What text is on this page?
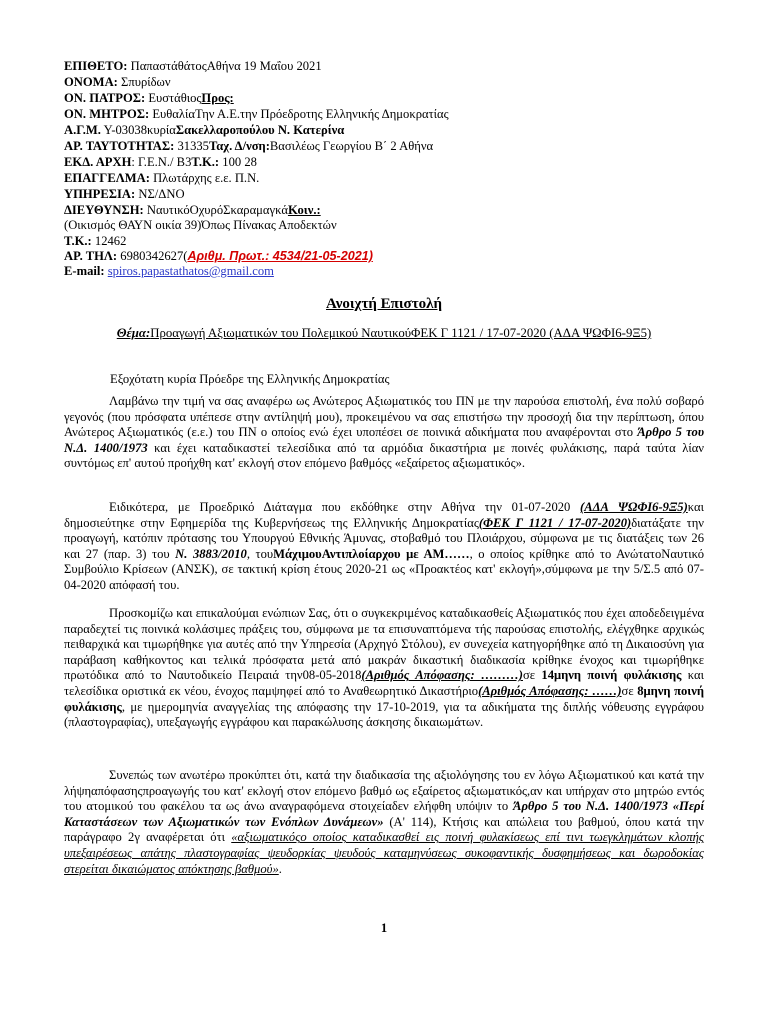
ΕΠΙΘΕΤΟ: ΠαπαστάθάτοςΑθήνα 19 Μαΐου 2021
ΟΝΟΜΑ: Σπυρίδων
ΟΝ. ΠΑΤΡΟΣ: ΕυστάθιοςΠρος:
ΟΝ. ΜΗΤΡΟΣ: ΕυθαλίαΤην Α.Ε.την Πρόεδροτης Ελληνικής Δημοκρατίας
Α.Γ.Μ. Υ-03038κυρίαΣακελλαροπούλου Ν. Κατερίνα
ΑΡ. ΤΑΥΤΟΤΗΤΑΣ: 31335Ταχ. Δ/νση:Βασιλέως Γεωργίου Β΄ 2 Αθήνα
ΕΚΔ. ΑΡΧΗ: Γ.Ε.Ν./ Β3Τ.Κ.: 100 28
ΕΠΑΓΓΕΛΜΑ: Πλωτάρχης ε.ε. Π.Ν.
ΥΠΗΡΕΣΙΑ: ΝΣ/ΔΝΟ
ΔΙΕΥΘΥΝΣΗ: ΝαυτικόΟχυρόΣκαραμαγκάΚοιν.:
(Οικισμός ΘΑΥΝ οικία 39)Όπως Πίνακας Αποδεκτών
Τ.Κ.: 12462
ΑΡ. ΤΗΛ: 6980342627(Αριθμ. Πρωτ.: 4534/21-05-2021)
E-mail: spiros.papastathatos@gmail.com
Ανοιχτή Επιστολή
Θέμα:Προαγωγή Αξιωματικών του Πολεμικού ΝαυτικούΦΕΚ Γ 1121 / 17-07-2020 (ΑΔΑ ΨΩΦΙ6-9Ξ5)
Εξοχότατη κυρία Πρόεδρε της Ελληνικής Δημοκρατίας
Λαμβάνω την τιμή να σας αναφέρω ως Ανώτερος Αξιωματικός του ΠΝ με την παρούσα επιστολή, ένα πολύ σοβαρό γεγονός (που πρόσφατα υπέπεσε στην αντίληψή μου), προκειμένου να σας επιστήσω την προσοχή δια την περίπτωση, όπου Ανώτερος Αξιωματικός (ε.ε.) του ΠΝ ο οποίος ενώ έχει υποπέσει σε ποινικά αδικήματα που αναφέρονται στο Άρθρο 5 του Ν.Δ. 1400/1973 και έχει καταδικαστεί τελεσίδικα από τα αρμόδια δικαστήρια με ποινές φυλάκισης, παρά ταύτα λίαν συντόμως επ' αυτού προήχθη κατ' εκλογή στον επόμενο βαθμόςς «εξαίρετος αξιωματικός».
Ειδικότερα, με Προεδρικό Διάταγμα που εκδόθηκε στην Αθήνα την 01-07-2020 (ΑΔΑ ΨΩΦΙ6-9Ξ5)και δημοσιεύτηκε στην Εφημερίδα της Κυβερνήσεως της Ελληνικής Δημοκρατίας(ΦΕΚ Γ 1121 / 17-07-2020)διατάξατε την προαγωγή, κατόπιν πρότασης του Υπουργού Εθνικής Άμυνας, στοβαθμό του Πλοιάρχου, σύμφωνα με τις διατάξεις των 26 και 27 (παρ. 3) του Ν. 3883/2010, τουΜάχιμουΑντιπλοίαρχου με ΑΜ……, ο οποίος κρίθηκε από το ΑνώτατοΝαυτικό Συμβούλιο Κρίσεων (ΑΝΣΚ), σε τακτική κρίση έτους 2020-21 ως «Προακτέος κατ' εκλογή»,σύμφωνα με την 5/Σ.5 από 07-04-2020 απόφασή του.
Προσκομίζω και επικαλούμαι ενώπιων Σας, ότι ο συγκεκριμένος καταδικασθείς Αξιωματικός που έχει αποδεδειγμένα παραδεχτεί τις ποινικά κολάσιμες πράξεις του, σύμφωνα με τα επισυναπτόμενα τής παρούσας επιστολής, ελέγχθηκε αρχικώς πειθαρχικά και τιμωρήθηκε για αυτές από την Υπηρεσία (Αρχηγό Στόλου), εν συνεχεία κατηγορήθηκε από τη Δικαιοσύνη για παράβαση καθήκοντος και τελικά πρόσφατα μετά από μακράν δικαστική διαδικασία κρίθηκε ένοχος και τιμωρήθηκε πρωτόδικα από το Ναυτοδικείο Πειραιά την08-05-2018(Αριθμός Απόφασης: ………)σε 14μηνη ποινή φυλάκισης και τελεσίδικα οριστικά εκ νέου, ένοχος παμψηφεί από το Αναθεωρητικό Δικαστήριο(Αριθμός Απόφασης: ……)σε 8μηνη ποινή φυλάκισης, με ημερομηνία αναγγελίας της απόφασης την 17-10-2019, για τα αδικήματα της διπλής νόθευσης εγγράφου (πλαστογραφίας), υπεξαγωγής εγγράφου και παρακώλυσης άσκησης δικαιωμάτων.
Συνεπώς των ανωτέρω προκύπτει ότι, κατά την διαδικασία της αξιολόγησης του εν λόγω Αξιωματικού και κατά την λήψηαπόφασηςπροαγωγής του κατ' εκλογή στον επόμενο βαθμό ως εξαίρετος αξιωματικός,αν και υπήρχαν στο μητρώο εντός του ατομικού του φακέλου τα ως άνω αναγραφόμενα στοιχείαδεν ελήφθη υπόψιν το Άρθρο 5 του Ν.Δ. 1400/1973 «Περί Καταστάσεων των Αξιωματικών των Ενόπλων Δυνάμεων» (Α' 114), Κτήσις και απώλεια του βαθμού, όπου κατά την παράγραφο 2γ αναφέρεται ότι «αξιωματικόςο οποίος καταδικασθεί εις ποινή φυλακίσεως επί τινι τωεγκλημάτων κλοπής υπεξαιρέσεως απάτης πλαστογραφίας ψευδορκίας ψευδούς καταμηνύσεως συκοφαντικής δυσφημήσεως και δωροδοκίας στερείται δικαιώματος απόκτησης βαθμού».
1
